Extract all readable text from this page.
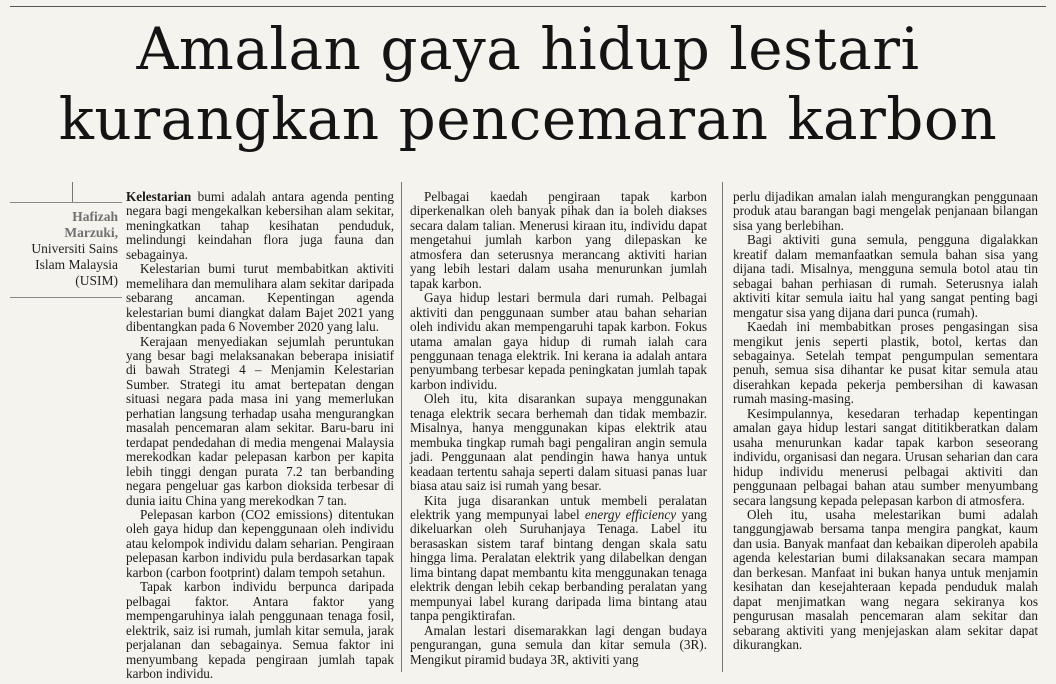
Amalan gaya hidup lestari
kurangkan pencemaran karbon
Hafizah
Marzuki,
Universiti Sains
Islam Malaysia
(USIM)

Kelestarian bumi adalah antara agenda penting negara bagi mengekalkan kebersihan alam sekitar, meningkatkan tahap kesihatan penduduk, melindungi keindahan flora juga fauna dan sebagainya.

Kelestarian bumi turut membabitkan aktiviti memelihara dan memulihara alam sekitar daripada sebarang ancaman. Kepentingan agenda kelestarian bumi diangkat dalam Bajet 2021 yang dibentangkan pada 6 November 2020 yang lalu.

Kerajaan menyediakan sejumlah peruntukan yang besar bagi melaksanakan beberapa inisiatif di bawah Strategi 4 – Menjamin Kelestarian Sumber. Strategi itu amat bertepatan dengan situasi negara pada masa ini yang memerlukan perhatian langsung terhadap usaha mengurangkan masalah pencemaran alam sekitar. Baru-baru ini terdapat pendedahan di media mengenai Malaysia merekodkan kadar pelepasan karbon per kapita lebih tinggi dengan purata 7.2 tan berbanding negara pengeluar gas karbon dioksida terbesar di dunia iaitu China yang merekodkan 7 tan.

Pelepasan karbon (CO2 emissions) ditentukan oleh gaya hidup dan kepenggunaan oleh individu atau kelompok individu dalam seharian. Pengiraan pelepasan karbon individu pula berdasarkan tapak karbon (carbon footprint) dalam tempoh setahun.

Tapak karbon individu berpunca daripada pelbagai faktor. Antara faktor yang mempengaruhinya ialah penggunaan tenaga fosil, elektrik, saiz isi rumah, jumlah kitar semula, jarak perjalanan dan sebagainya. Semua faktor ini menyumbang kepada pengiraan jumlah tapak karbon individu.

Pelbagai kaedah pengiraan tapak karbon diperkenalkan oleh banyak pihak dan ia boleh diakses secara dalam talian. Menerusi kiraan itu, individu dapat mengetahui jumlah karbon yang dilepaskan ke atmosfera dan seterusnya merancang aktiviti harian yang lebih lestari dalam usaha menurunkan jumlah tapak karbon.

Gaya hidup lestari bermula dari rumah. Pelbagai aktiviti dan penggunaan sumber atau bahan seharian oleh individu akan mempengaruhi tapak karbon. Fokus utama amalan gaya hidup di rumah ialah cara penggunaan tenaga elektrik. Ini kerana ia adalah antara penyumbang terbesar kepada peningkatan jumlah tapak karbon individu.

Oleh itu, kita disarankan supaya menggunakan tenaga elektrik secara berhemah dan tidak membazir. Misalnya, hanya menggunakan kipas elektrik atau membuka tingkap rumah bagi pengaliran angin semula jadi. Penggunaan alat pendingin hawa hanya untuk keadaan tertentu sahaja seperti dalam situasi panas luar biasa atau saiz isi rumah yang besar.

Kita juga disarankan untuk membeli peralatan elektrik yang mempunyai label energy efficiency yang dikeluarkan oleh Suruhanjaya Tenaga. Label itu berasaskan sistem taraf bintang dengan skala satu hingga lima. Peralatan elektrik yang dilabelkan dengan lima bintang dapat membantu kita menggunakan tenaga elektrik dengan lebih cekap berbanding peralatan yang mempunyai label kurang daripada lima bintang atau tanpa pengiktirafan.

Amalan lestari disemarakkan lagi dengan budaya pengurangan, guna semula dan kitar semula (3R). Mengikut piramid budaya 3R, aktiviti yang

perlu dijadikan amalan ialah mengurangkan penggunaan produk atau barangan bagi mengelak penjanaan bilangan sisa yang berlebihan.

Bagi aktiviti guna semula, pengguna digalakkan kreatif dalam memanfaatkan semula bahan sisa yang dijana tadi. Misalnya, mengguna semula botol atau tin sebagai bahan perhiasan di rumah. Seterusnya ialah aktiviti kitar semula iaitu hal yang sangat penting bagi mengatur sisa yang dijana dari punca (rumah).

Kaedah ini membabitkan proses pengasingan sisa mengikut jenis seperti plastik, botol, kertas dan sebagainya. Setelah tempat pengumpulan sementara penuh, semua sisa dihantar ke pusat kitar semula atau diserahkan kepada pekerja pembersihan di kawasan rumah masing-masing.

Kesimpulannya, kesedaran terhadap kepentingan amalan gaya hidup lestari sangat dititikberatkan dalam usaha menurunkan kadar tapak karbon seseorang individu, organisasi dan negara. Urusan seharian dan cara hidup individu menerusi pelbagai aktiviti dan penggunaan pelbagai bahan atau sumber menyumbang secara langsung kepada pelepasan karbon di atmosfera.

Oleh itu, usaha melestarikan bumi adalah tanggungjawab bersama tanpa mengira pangkat, kaum dan usia. Banyak manfaat dan kebaikan diperoleh apabila agenda kelestarian bumi dilaksanakan secara mampan dan berkesan. Manfaat ini bukan hanya untuk menjamin kesihatan dan kesejahteraan kepada penduduk malah dapat menjimatkan wang negara sekiranya kos pengurusan masalah pencemaran alam sekitar dan sebarang aktiviti yang menjejaskan alam sekitar dapat dikurangkan.
